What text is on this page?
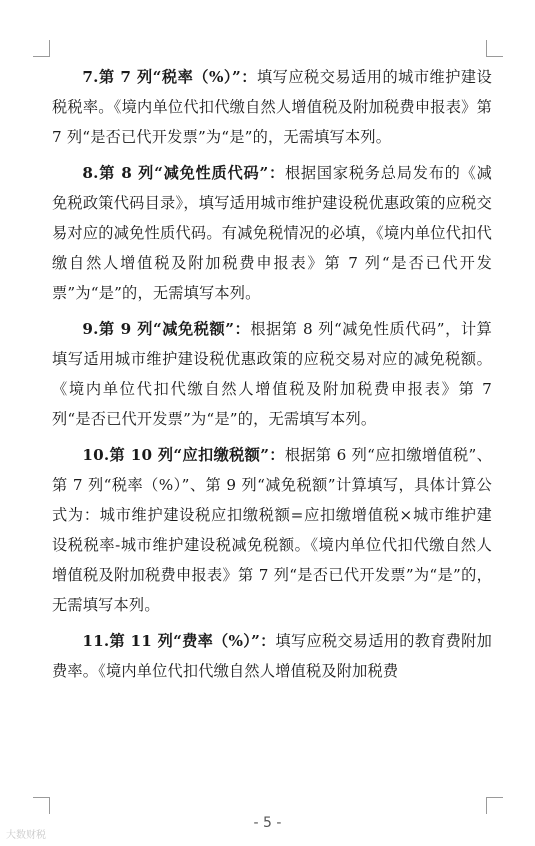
7.第 7 列“税率（%）”：填写应税交易适用的城市维护建设税税率。《境内单位代扣代缴自然人增值税及附加税费申报表》第 7 列“是否已代开发票”为“是”的，无需填写本列。

8.第 8 列“减免性质代码”：根据国家税务总局发布的《减免税政策代码目录》，填写适用城市维护建设税优惠政策的应税交易对应的减免性质代码。有减免税情况的必填，《境内单位代扣代缴自然人增值税及附加税费申报表》第 7 列“是否已代开发票”为“是”的，无需填写本列。

9.第 9 列“减免税额”：根据第 8 列“减免性质代码”，计算填写适用城市维护建设税优惠政策的应税交易对应的减免税额。《境内单位代扣代缴自然人增值税及附加税费申报表》第 7 列“是否已代开发票”为“是”的，无需填写本列。

10.第 10 列“应扣缴税额”：根据第 6 列“应扣缴增值税”、第 7 列“税率（%）”、第 9 列“减免税额”计算填写，具体计算公式为：城市维护建设税应扣缴税额=应扣缴增值税×城市维护建设税税率-城市维护建设税减免税额。《境内单位代扣代缴自然人增值税及附加税费申报表》第 7 列“是否已代开发票”为“是”的，无需填写本列。

11.第 11 列“费率（%）”：填写应税交易适用的教育费附加费率。《境内单位代扣代缴自然人增值税及附加税费

- 5 -
大数财税
